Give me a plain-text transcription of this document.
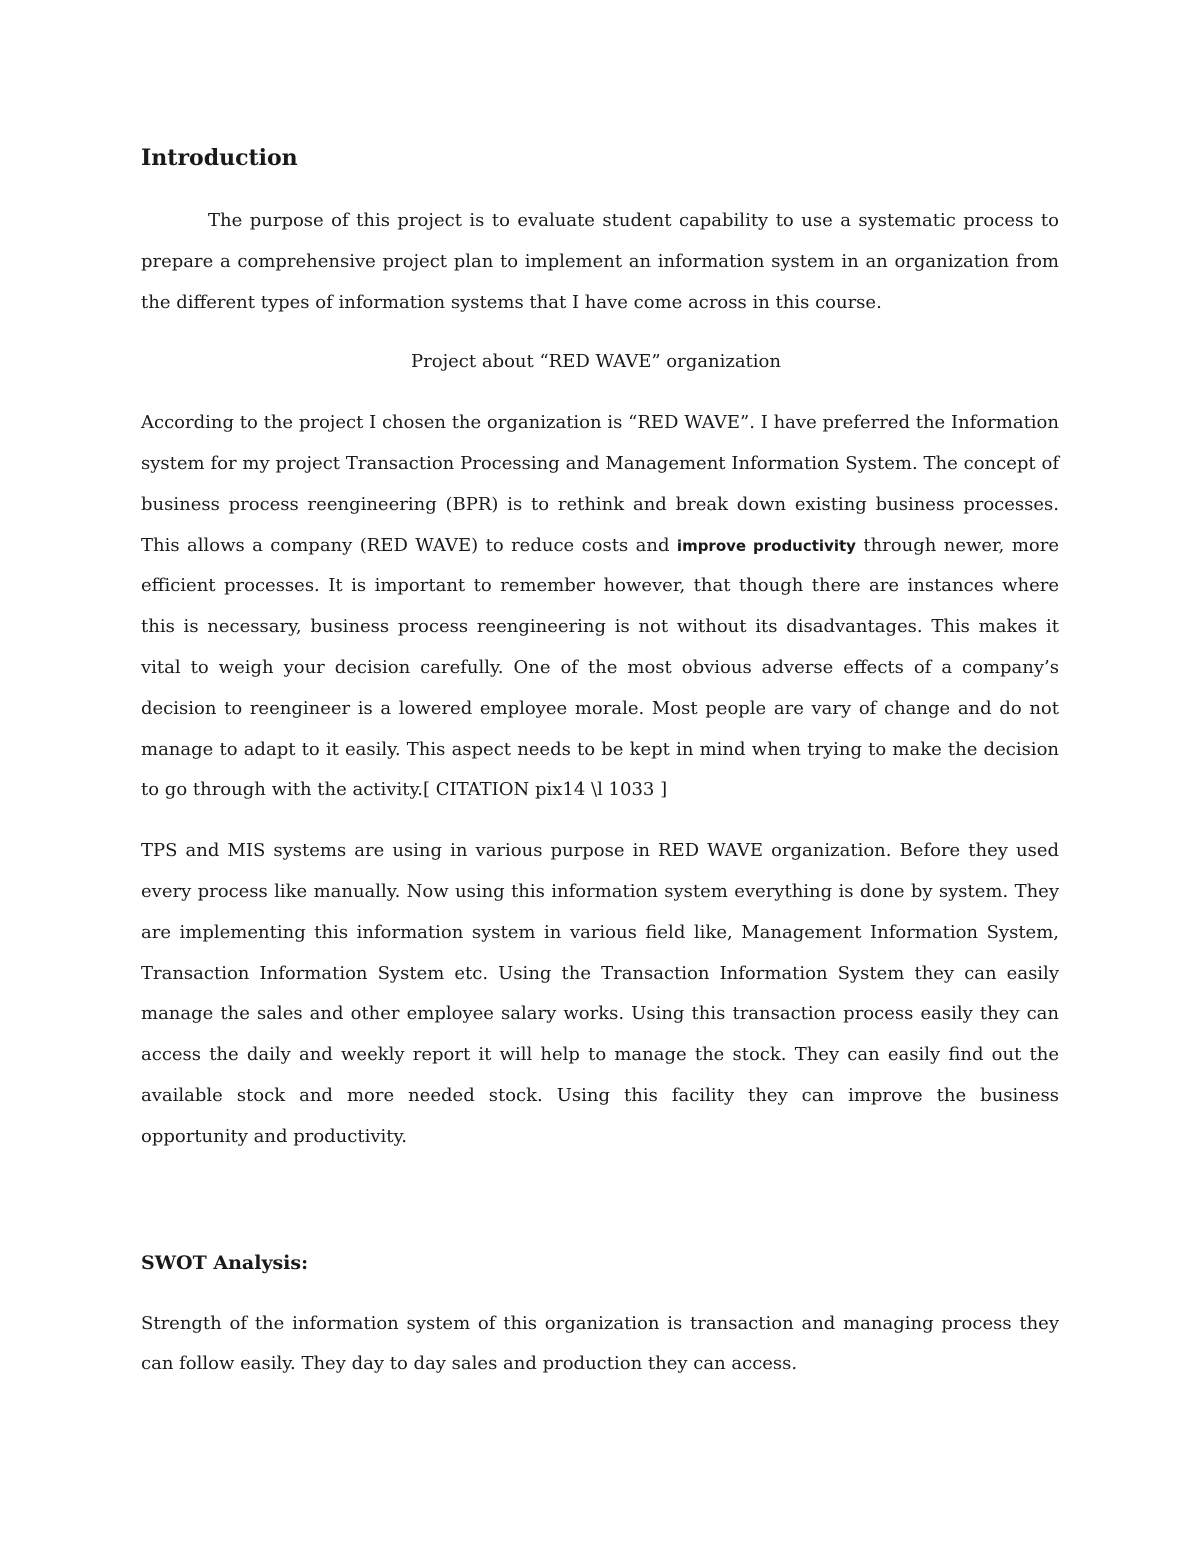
Introduction

The purpose of this project is to evaluate student capability to use a systematic process to prepare a comprehensive project plan to implement an information system in an organization from the different types of information systems that I have come across in this course.

Project about “RED WAVE” organization

According to the project I chosen the organization is “RED WAVE”. I have preferred the Information system for my project Transaction Processing and Management Information System. The concept of business process reengineering (BPR) is to rethink and break down existing business processes. This allows a company (RED WAVE) to reduce costs and improve productivity through newer, more efficient processes. It is important to remember however, that though there are instances where this is necessary, business process reengineering is not without its disadvantages. This makes it vital to weigh your decision carefully. One of the most obvious adverse effects of a company’s decision to reengineer is a lowered employee morale. Most people are vary of change and do not manage to adapt to it easily. This aspect needs to be kept in mind when trying to make the decision to go through with the activity.[ CITATION pix14 \l 1033 ]

TPS and MIS systems are using in various purpose in RED WAVE organization. Before they used every process like manually. Now using this information system everything is done by system. They are implementing this information system in various field like, Management Information System, Transaction Information System etc. Using the Transaction Information System they can easily manage the sales and other employee salary works. Using this transaction process easily they can access the daily and weekly report it will help to manage the stock. They can easily find out the available stock and more needed stock. Using this facility they can improve the business opportunity and productivity.

SWOT Analysis:

Strength of the information system of this organization is transaction and managing process they can follow easily. They day to day sales and production they can access.
